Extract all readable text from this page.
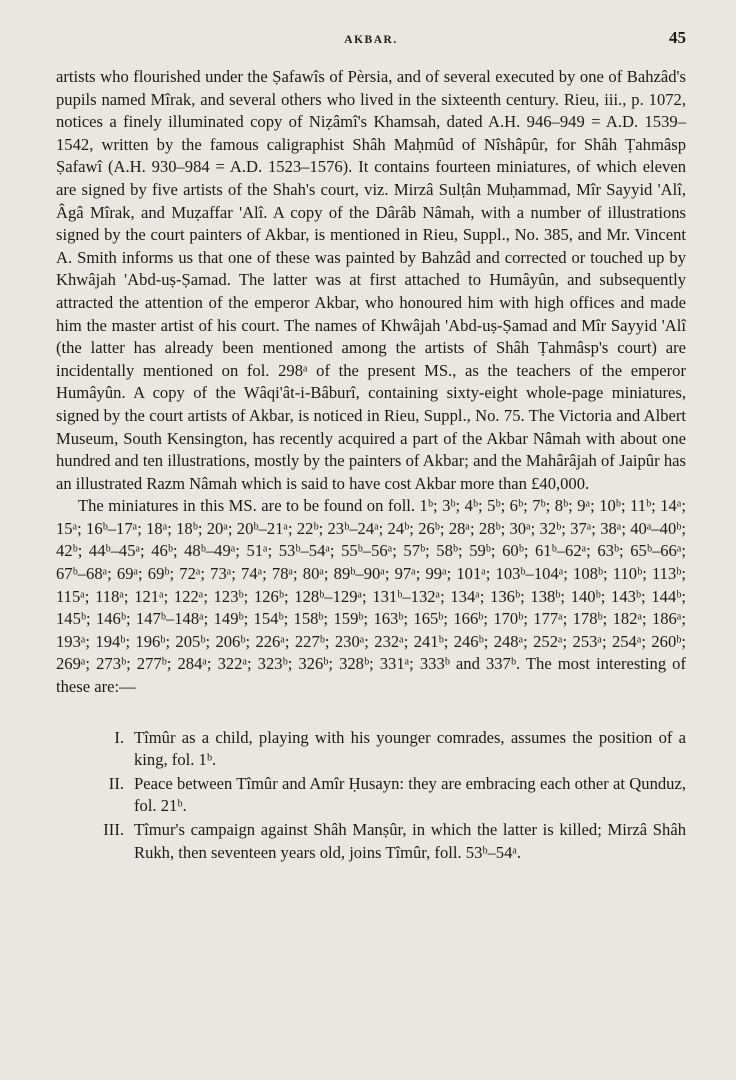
AKBAR.	45

artists who flourished under the Ṣafawîs of Pèrsia, and of several executed by one of Bahzâd's pupils named Mîrak, and several others who lived in the sixteenth century. Rieu, iii., p. 1072, notices a finely illuminated copy of Niẓâmî's Khamsah, dated A.H. 946–949 = A.D. 1539–1542, written by the famous caligraphist Shâh Maḥmûd of Nîshâpûr, for Shâh Ṭahmâsp Ṣafawî (A.H. 930–984 = A.D. 1523–1576). It contains fourteen miniatures, of which eleven are signed by five artists of the Shah's court, viz. Mirzâ Sulṭân Muḥammad, Mîr Sayyid 'Alî, Âgâ Mîrak, and Muẓaffar 'Alî. A copy of the Dârâb Nâmah, with a number of illustrations signed by the court painters of Akbar, is mentioned in Rieu, Suppl., No. 385, and Mr. Vincent A. Smith informs us that one of these was painted by Bahzâd and corrected or touched up by Khwâjah 'Abd-uṣ-Ṣamad. The latter was at first attached to Humâyûn, and subsequently attracted the attention of the emperor Akbar, who honoured him with high offices and made him the master artist of his court. The names of Khwâjah 'Abd-uṣ-Ṣamad and Mîr Sayyid 'Alî (the latter has already been mentioned among the artists of Shâh Ṭahmâsp's court) are incidentally mentioned on fol. 298ᵃ of the present MS., as the teachers of the emperor Humâyûn. A copy of the Wâqi'ât-i-Bâburî, containing sixty-eight whole-page miniatures, signed by the court artists of Akbar, is noticed in Rieu, Suppl., No. 75. The Victoria and Albert Museum, South Kensington, has recently acquired a part of the Akbar Nâmah with about one hundred and ten illustrations, mostly by the painters of Akbar; and the Mahârâjah of Jaipûr has an illustrated Razm Nâmah which is said to have cost Akbar more than £40,000.

The miniatures in this MS. are to be found on foll. 1ᵇ; 3ᵇ; 4ᵇ; 5ᵇ; 6ᵇ; 7ᵇ; 8ᵇ; 9ᵃ; 10ᵇ; 11ᵇ; 14ᵃ; 15ᵃ; 16ᵇ–17ᵃ; 18ᵃ; 18ᵇ; 20ᵃ; 20ᵇ–21ᵃ; 22ᵇ; 23ᵇ–24ᵃ; 24ᵇ; 26ᵇ; 28ᵃ; 28ᵇ; 30ᵃ; 32ᵇ; 37ᵃ; 38ᵃ; 40ᵃ–40ᵇ; 42ᵇ; 44ᵇ–45ᵃ; 46ᵇ; 48ᵇ–49ᵃ; 51ᵃ; 53ᵇ–54ᵃ; 55ᵇ–56ᵃ; 57ᵇ; 58ᵇ; 59ᵇ; 60ᵇ; 61ᵇ–62ᵃ; 63ᵇ; 65ᵇ–66ᵃ; 67ᵇ–68ᵃ; 69ᵃ; 69ᵇ; 72ᵃ; 73ᵃ; 74ᵃ; 78ᵃ; 80ᵃ; 89ᵇ–90ᵃ; 97ᵃ; 99ᵃ; 101ᵃ; 103ᵇ–104ᵃ; 108ᵇ; 110ᵇ; 113ᵇ; 115ᵃ; 118ᵃ; 121ᵃ; 122ᵃ; 123ᵇ; 126ᵇ; 128ᵇ–129ᵃ; 131ᵇ–132ᵃ; 134ᵃ; 136ᵇ; 138ᵇ; 140ᵇ; 143ᵇ; 144ᵇ; 145ᵇ; 146ᵇ; 147ᵇ–148ᵃ; 149ᵇ; 154ᵇ; 158ᵇ; 159ᵇ; 163ᵇ; 165ᵇ; 166ᵇ; 170ᵇ; 177ᵃ; 178ᵇ; 182ᵃ; 186ᵃ; 193ᵃ; 194ᵇ; 196ᵇ; 205ᵇ; 206ᵇ; 226ᵃ; 227ᵇ; 230ᵃ; 232ᵃ; 241ᵇ; 246ᵇ; 248ᵃ; 252ᵃ; 253ᵃ; 254ᵃ; 260ᵇ; 269ᵃ; 273ᵇ; 277ᵇ; 284ᵃ; 322ᵃ; 323ᵇ; 326ᵇ; 328ᵇ; 331ᵃ; 333ᵇ and 337ᵇ. The most interesting of these are:—

I. Tîmûr as a child, playing with his younger comrades, assumes the position of a king, fol. 1ᵇ.
II. Peace between Tîmûr and Amîr Ḥusayn: they are embracing each other at Qunduz, fol. 21ᵇ.
III. Tîmur's campaign against Shâh Manṣûr, in which the latter is killed; Mirzâ Shâh Rukh, then seventeen years old, joins Tîmûr, foll. 53ᵇ–54ᵃ.
